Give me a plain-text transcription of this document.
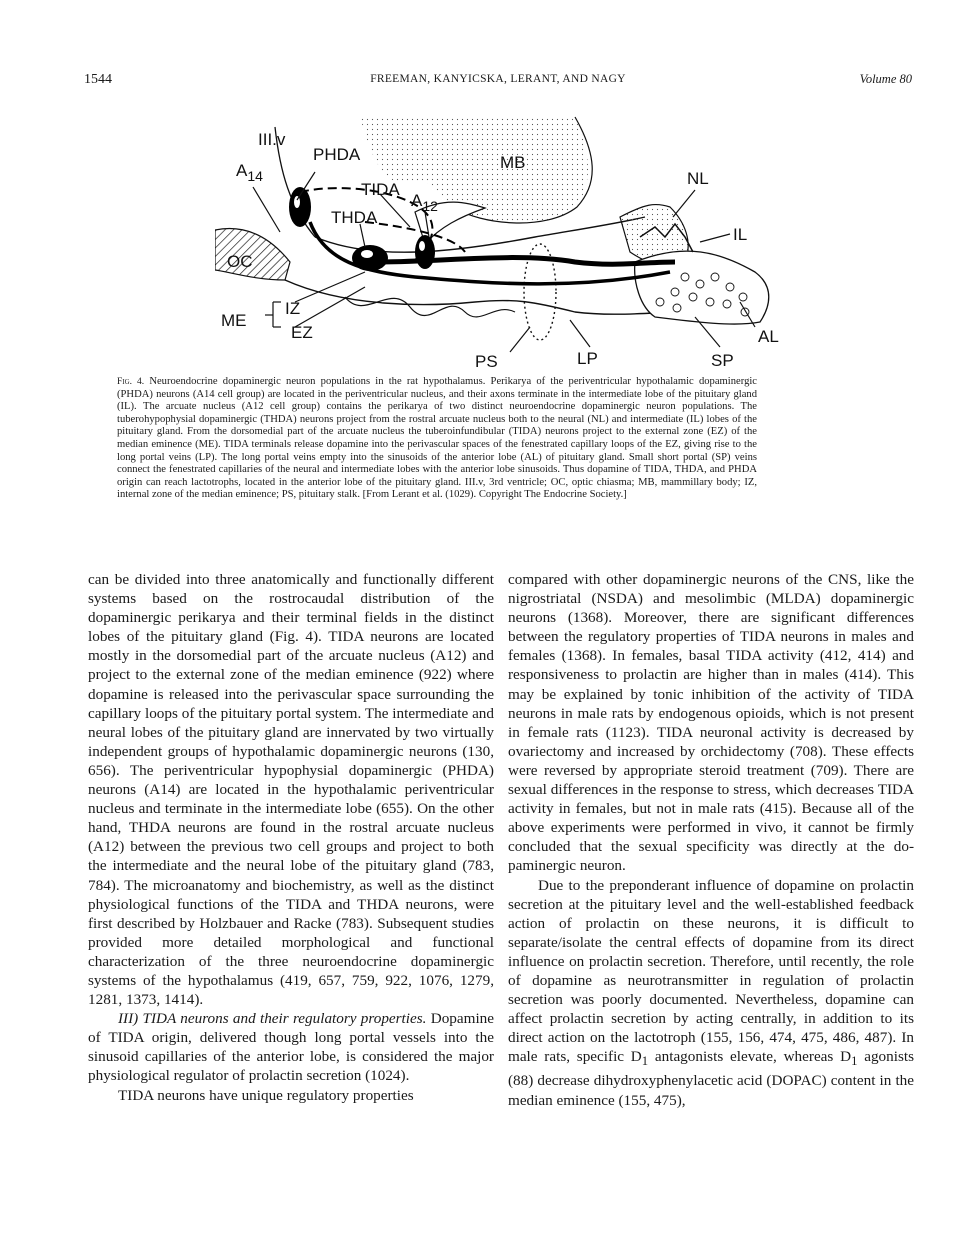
1544	FREEMAN, KANYICSKA, LERANT, AND NAGY	Volume 80
III.v
PHDA	MB
$A_{14}$
TIDA
$A_{12}$
NL
THDA
IL
OC
IZ
ME
EZ	AL
PS	LP	SP
Fig. 4. Neuroendocrine dopaminergic neuron populations in the rat hypothalamus. Perikarya of the periventricular hypothalamic dopaminergic (PHDA) neurons (A14 cell group) are located in the periventricular nucleus, and their axons terminate in the intermediate lobe of the pituitary gland (IL). The arcuate nucleus (A12 cell group) contains the perikarya of two distinct neuroendocrine dopaminergic neuron populations. The tuberohypophysial dopaminergic (THDA) neurons project from the rostral arcuate nucleus both to the neural (NL) and intermediate (IL) lobes of the pituitary gland. From the dorsomedial part of the arcuate nucleus the tuberoinfundibular (TIDA) neurons project to the external zone (EZ) of the median eminence (ME). TIDA terminals release dopamine into the perivascular spaces of the fenestrated capillary loops of the EZ, giving rise to the long portal veins (LP). The long portal veins empty into the sinusoids of the anterior lobe (AL) of pituitary gland. Small short portal (SP) veins connect the fenestrated capillaries of the neural and intermediate lobes with the anterior lobe sinusoids. Thus dopamine of TIDA, THDA, and PHDA origin can reach lactotrophs, located in the anterior lobe of the pituitary gland. III.v, 3rd ventricle; OC, optic chiasma; MB, mammillary body; IZ, internal zone of the median eminence; PS, pituitary stalk. [From Lerant et al. (1029). Copyright The Endocrine Society.]

can be divided into three anatomically and functionally different systems based on the rostrocaudal distribution of the dopaminergic perikarya and their terminal fields in the distinct lobes of the pituitary gland (Fig. 4). TIDA neurons are located mostly in the dorsomedial part of the arcuate nucleus (A12) and project to the external zone of the median eminence (922) where dopamine is released into the perivascular space surrounding the capillary loops of the pituitary portal system. The intermediate and neural lobes of the pituitary gland are innervated by two virtually independent groups of hypothalamic dopaminergic neurons (130, 656). The periventricular hypophysial dopaminergic (PHDA) neurons (A14) are located in the hypothalamic periventricular nucleus and terminate in the intermediate lobe (655). On the other hand, THDA neurons are found in the rostral arcuate nucleus (A12) between the previous two cell groups and project to both the intermediate and the neural lobe of the pituitary gland (783, 784). The microanatomy and biochemistry, as well as the distinct physiological functions of the TIDA and THDA neurons, were first described by Holzbauer and Racke (783). Subsequent studies provided more detailed morphological and functional characterization of the three neuroendocrine dopaminergic systems of the hypothalamus (419, 657, 759, 922, 1076, 1279, 1281, 1373, 1414).

III) TIDA neurons and their regulatory properties. Dopamine of TIDA origin, delivered though long portal vessels into the sinusoid capillaries of the anterior lobe, is considered the major physiological regulator of prolactin secretion (1024).

TIDA neurons have unique regulatory properties

compared with other dopaminergic neurons of the CNS, like the nigrostriatal (NSDA) and mesolimbic (MLDA) dopaminergic neurons (1368). Moreover, there are significant differences between the regulatory properties of TIDA neurons in males and females (1368). In females, basal TIDA activity (412, 414) and responsiveness to prolactin are higher than in males (414). This may be explained by tonic inhibition of the activity of TIDA neurons in male rats by endogenous opioids, which is not present in female rats (1123). TIDA neuronal activity is decreased by ovariectomy and increased by orchidectomy (708). These effects were reversed by appropriate steroid treatment (709). There are sexual differences in the response to stress, which decreases TIDA activity in females, but not in male rats (415). Because all of the above experiments were performed in vivo, it cannot be firmly concluded that the sexual specificity was directly at the dopaminergic neuron.

Due to the preponderant influence of dopamine on prolactin secretion at the pituitary level and the well-established feedback action of prolactin on these neurons, it is difficult to separate/isolate the central effects of dopamine from its direct influence on prolactin secretion. Therefore, until recently, the role of dopamine as neurotransmitter in regulation of prolactin secretion was poorly documented. Nevertheless, dopamine can affect prolactin secretion by acting centrally, in addition to its direct action on the lactotroph (155, 156, 474, 475, 486, 487). In male rats, specific $D_1$ antagonists elevate, whereas $D_1$ agonists (88) decrease dihydroxyphenylacetic acid (DOPAC) content in the median eminence (155, 475),
